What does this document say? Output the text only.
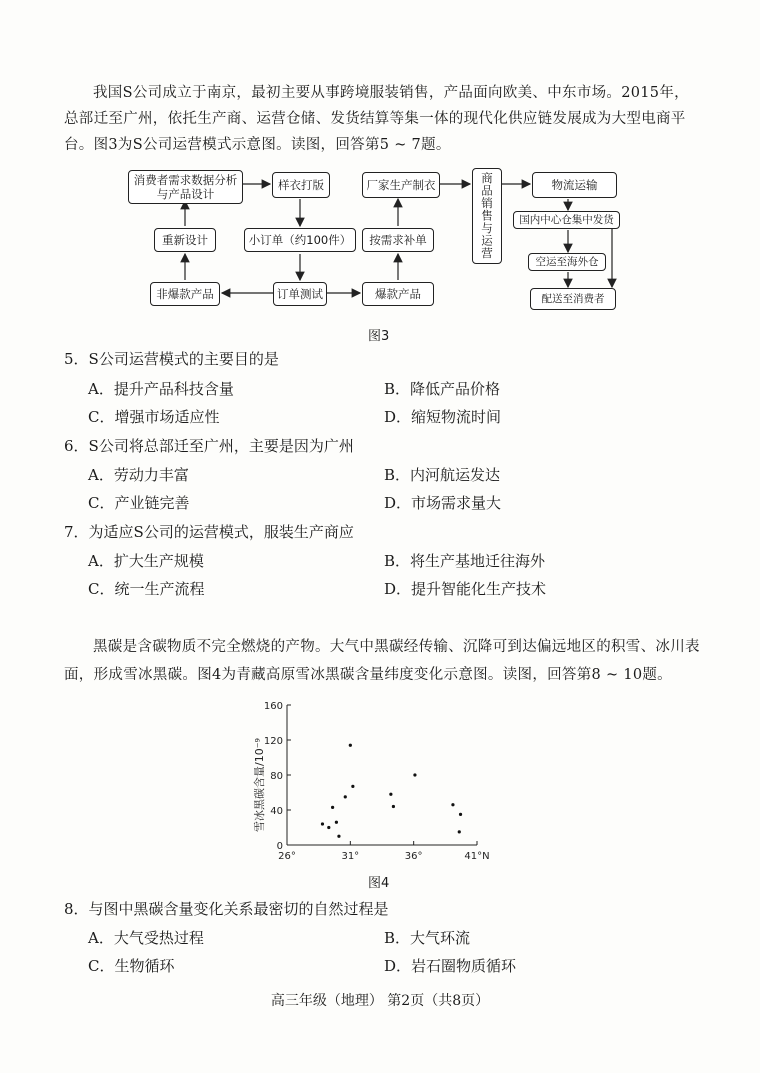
我国S公司成立于南京，最初主要从事跨境服装销售，产品面向欧美、中东市场。2015年，
总部迁至广州，依托生产商、运营仓储、发货结算等集一体的现代化供应链发展成为大型电商平
台。图3为S公司运营模式示意图。读图，回答第5 ~ 7题。
消费者需求数据分析与产品设计
样衣打版	厂家生产制衣	商品销售与运营	物流运输
重新设计	小订单（约100件）	按需求补单
国内中心仓集中发货
空运至海外仓
非爆款产品	订单测试	爆款产品	配送至消费者
图3
5．S公司运营模式的主要目的是
A．提升产品科技含量	B．降低产品价格
C．增强市场适应性	D．缩短物流时间
6．S公司将总部迁至广州，主要是因为广州
A．劳动力丰富	B．内河航运发达
C．产业链完善	D．市场需求量大
7．为适应S公司的运营模式，服装生产商应
A．扩大生产规模	B．将生产基地迁往海外
C．统一生产流程	D．提升智能化生产技术
黑碳是含碳物质不完全燃烧的产物。大气中黑碳经传输、沉降可到达偏远地区的积雪、冰川表
面，形成雪冰黑碳。图4为青藏高原雪冰黑碳含量纬度变化示意图。读图，回答第8 ~ 10题。
0
40
80
120
160
26°	31°	36°	41°N
雪冰黑碳含量/10⁻⁹
图4
8．与图中黑碳含量变化关系最密切的自然过程是
A．大气受热过程	B．大气环流
C．生物循环	D．岩石圈物质循环
高三年级（地理） 第2页（共8页）
